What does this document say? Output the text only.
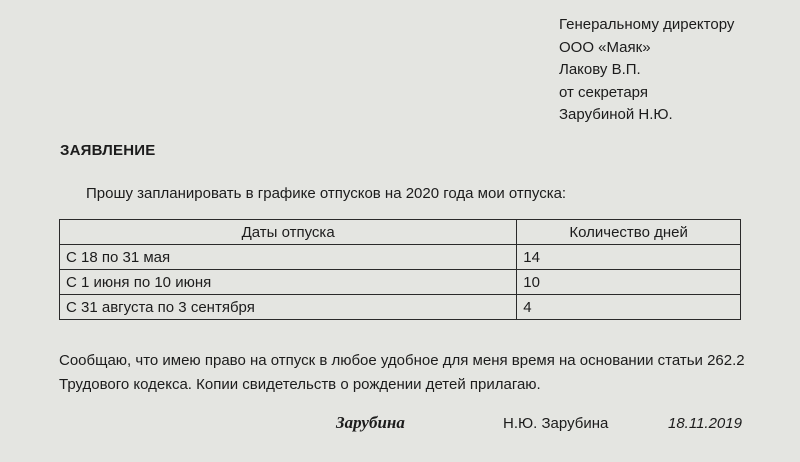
Генеральному директору
ООО «Маяк»
Лакову В.П.
от секретаря
Зарубиной Н.Ю.
ЗАЯВЛЕНИЕ
Прошу запланировать в графике отпусков на 2020 года мои отпуска:
Даты отпуска	Количество дней
С 18 по 31 мая	14
С 1 июня по 10 июня	10
С 31 августа по 3 сентября	4
Сообщаю, что имею право на отпуск в любое удобное для меня время на основании статьи 262.2
Трудового кодекса. Копии свидетельств о рождении детей прилагаю.
Зарубина	Н.Ю. Зарубина	18.11.2019
